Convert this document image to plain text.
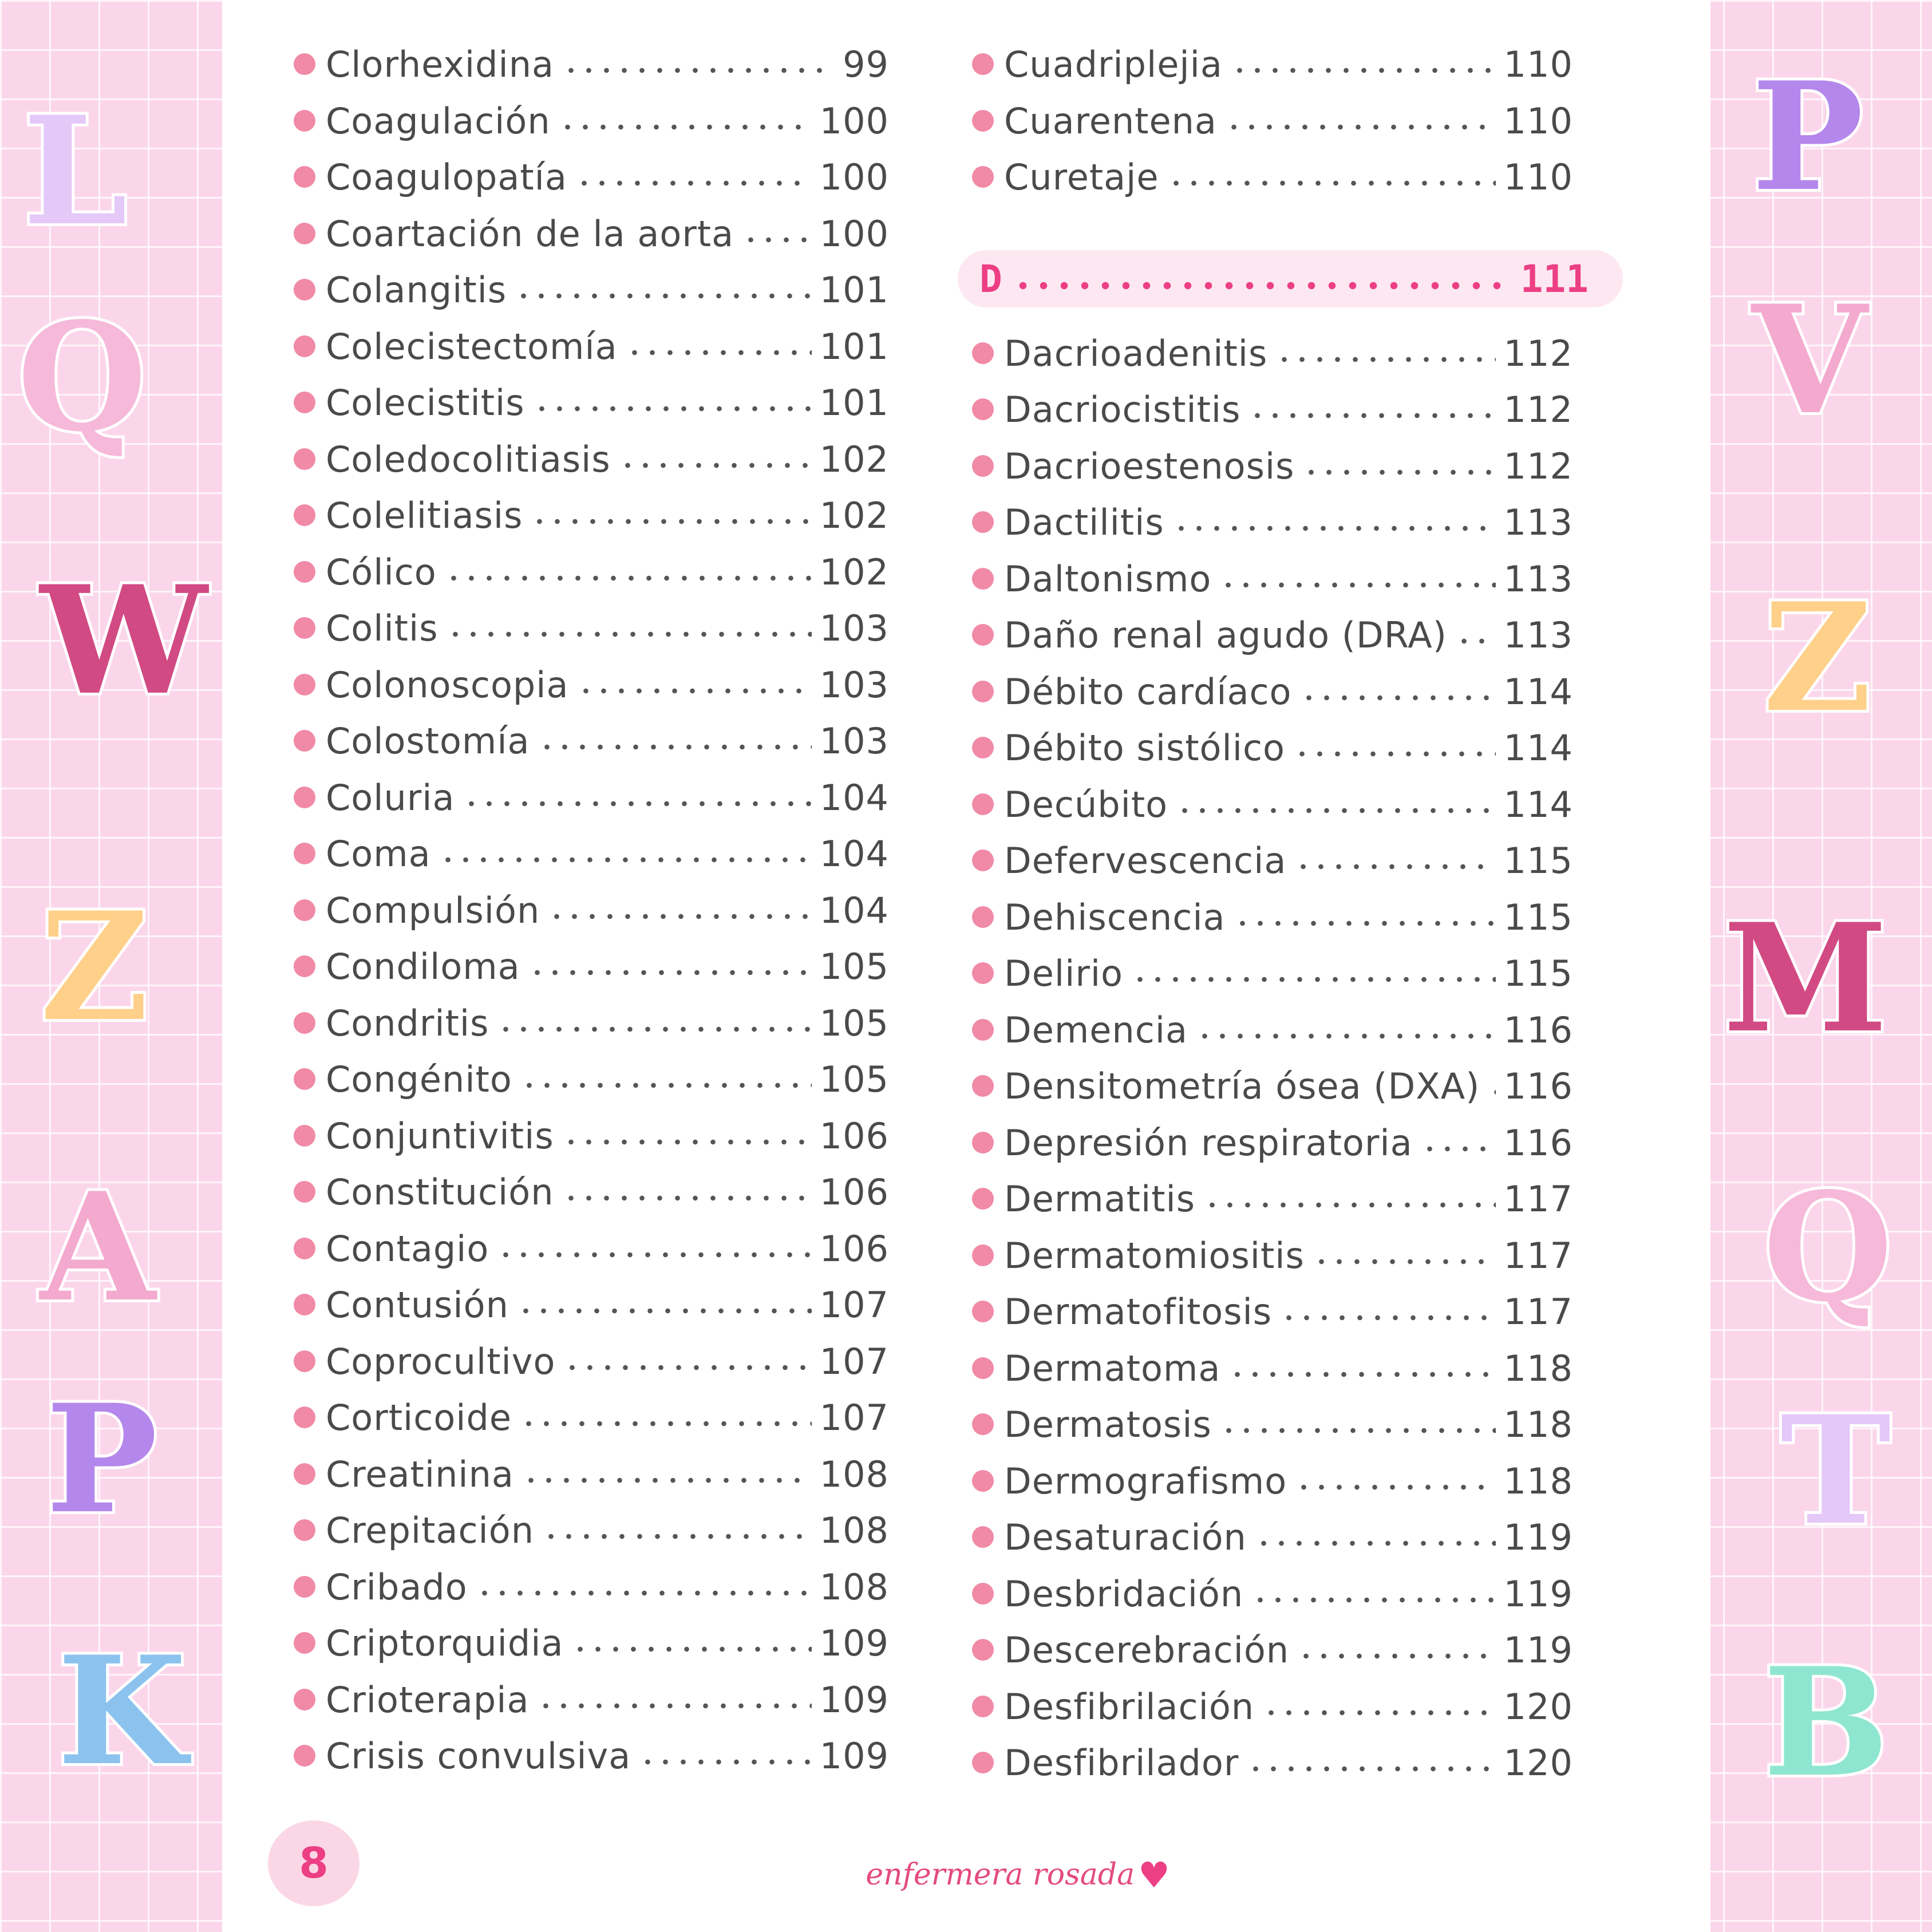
L
Q
W
Z
A
P
K
P
V
Z
M
Q
T
B
Clorhexidina	99
Coagulación	100
Coagulopatía	100
Coartación de la aorta 100
Colangitis	101
Colecistectomía	101
Colecistitis	101
Coledocolitiasis	102
Colelitiasis	102
Cólico	102
Colitis	103
Colonoscopia	103
Colostomía	103
Coluria	104
Coma	104
Compulsión	104
Condiloma	105
Condritis	105
Congénito	105
Conjuntivitis	106
Constitución	106
Contagio	106
Contusión	107
Coprocultivo	107
Corticoide	107
Creatinina	108
Crepitación	108
Cribado	108
Criptorquidia	109
Crioterapia	109
Crisis convulsiva	109
Cuadriplejia	110
Cuarentena	110
Curetaje	110
Dacrioadenitis	112
Dacriocistitis	112
Dacrioestenosis	112
Dactilitis	113
Daltonismo	113
Daño renal agudo (DRA) 113
Débito cardíaco	114
Débito sistólico	114
Decúbito	114
Defervescencia	115
Dehiscencia	115
Delirio	115
Demencia	116
Densitometría ósea (DXA) 116
Depresión respiratoria	116
Dermatitis	117
Dermatomiositis	117
Dermatofitosis	117
Dermatoma	118
Dermatosis	118
Dermografismo	118
Desaturación	119
Desbridación	119
Descerebración	119
Desfibrilación	120
Desfibrilador	120
D	111
8	enfermera rosada ♥
